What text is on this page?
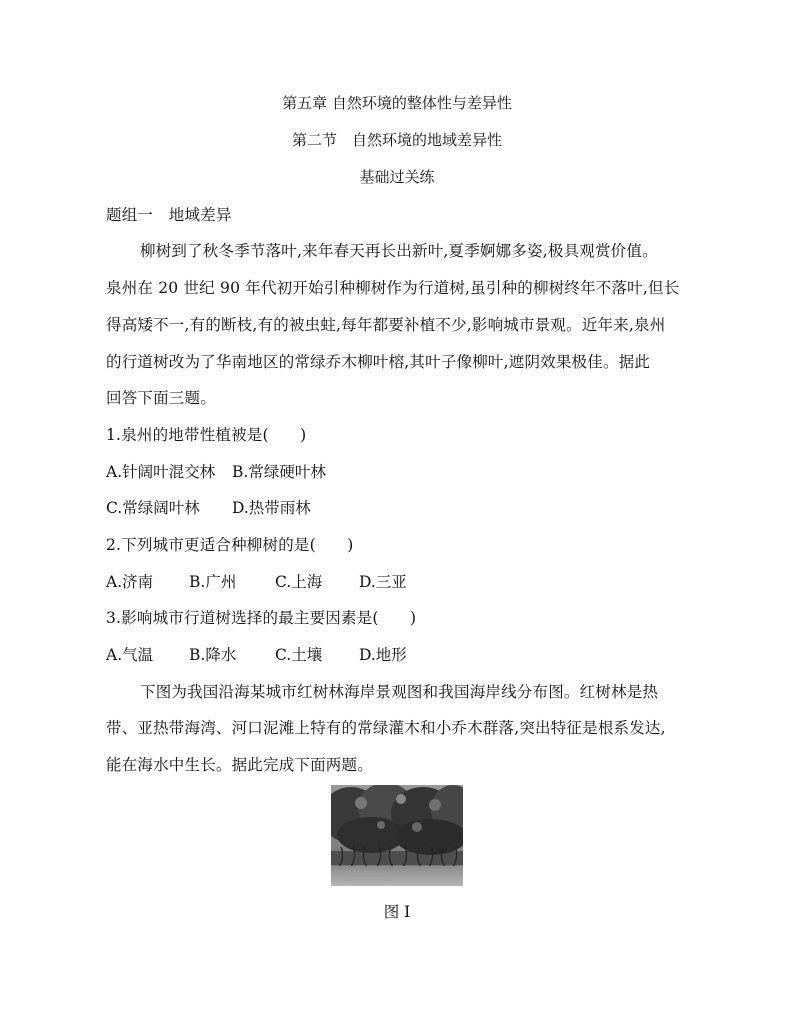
第五章 自然环境的整体性与差异性
第二节　自然环境的地域差异性
基础过关练
题组一　地域差异
柳树到了秋冬季节落叶,来年春天再长出新叶,夏季婀娜多姿,极具观赏价值。
泉州在 20 世纪 90 年代初开始引种柳树作为行道树,虽引种的柳树终年不落叶,但长
得高矮不一,有的断枝,有的被虫蛀,每年都要补植不少,影响城市景观。近年来,泉州
的行道树改为了华南地区的常绿乔木柳叶榕,其叶子像柳叶,遮阴效果极佳。据此
回答下面三题。
1.泉州的地带性植被是(　　)
A.针阔叶混交林 B.常绿硬叶林
C.常绿阔叶林 D.热带雨林
2.下列城市更适合种柳树的是(　　)
A.济南 B.广州 C.上海 D.三亚
3.影响城市行道树选择的最主要因素是(　　)
A.气温 B.降水 C.土壤 D.地形
下图为我国沿海某城市红树林海岸景观图和我国海岸线分布图。红树林是热
带、亚热带海湾、河口泥滩上特有的常绿灌木和小乔木群落,突出特征是根系发达,
能在海水中生长。据此完成下面两题。
图 I
